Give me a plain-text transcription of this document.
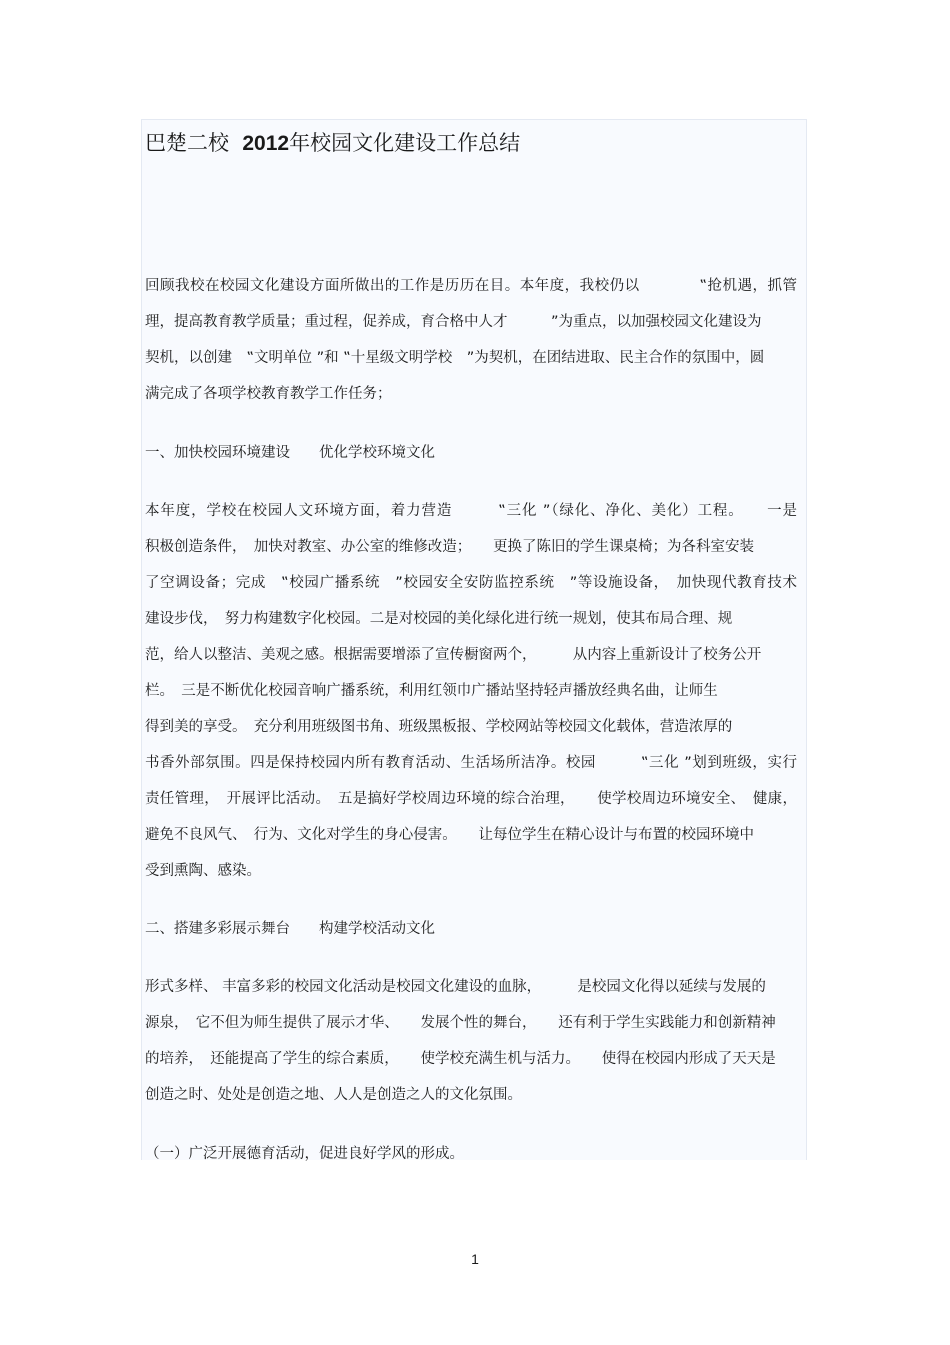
巴楚二校 2012年校园文化建设工作总结

回顾我校在校园文化建设方面所做出的工作是历历在目。本年度，我校仍以　　　　‟抢机遇，抓管

理，提高教育教学质量；重过程，促养成，育合格中人才　　　”为重点，以加强校园文化建设为

契机，以创建　‟文明单位 ”和 ‟十星级文明学校　”为契机，在团结进取、民主合作的氛围中，圆

满完成了各项学校教育教学工作任务；

一、加快校园环境建设　　优化学校环境文化

本年度，学校在校园人文环境方面，着力营造　　　‟三化 ”（绿化、净化、美化）工程。　　一是

积极创造条件，　加快对教室、办公室的维修改造；　　更换了陈旧的学生课桌椅；为各科室安装

了空调设备；完成　‟校园广播系统　”校园安全安防监控系统　”等设施设备，　加快现代教育技术

建设步伐，　努力构建数字化校园。二是对校园的美化绿化进行统一规划，使其布局合理、规

范，给人以整洁、美观之感。根据需要增添了宣传橱窗两个，　　　从内容上重新设计了校务公开

栏。　三是不断优化校园音响广播系统，利用红领巾广播站坚持轻声播放经典名曲，让师生

得到美的享受。　充分利用班级图书角、班级黑板报、学校网站等校园文化载体，营造浓厚的

书香外部氛围。四是保持校园内所有教育活动、生活场所洁净。校园　　　‟三化 ”划到班级，实行

责任管理，　开展评比活动。　五是搞好学校周边环境的综合治理，　　使学校周边环境安全、　健康，

避免不良风气、　行为、文化对学生的身心侵害。　　让每位学生在精心设计与布置的校园环境中

受到熏陶、感染。

二、搭建多彩展示舞台　　构建学校活动文化

形式多样、 丰富多彩的校园文化活动是校园文化建设的血脉，　　　是校园文化得以延续与发展的

源泉，　它不但为师生提供了展示才华、　　发展个性的舞台，　　还有利于学生实践能力和创新精神

的培养，　还能提高了学生的综合素质，　　使学校充满生机与活力。　　使得在校园内形成了天天是

创造之时、处处是创造之地、人人是创造之人的文化氛围。

（一）广泛开展德育活动，促进良好学风的形成。

1
